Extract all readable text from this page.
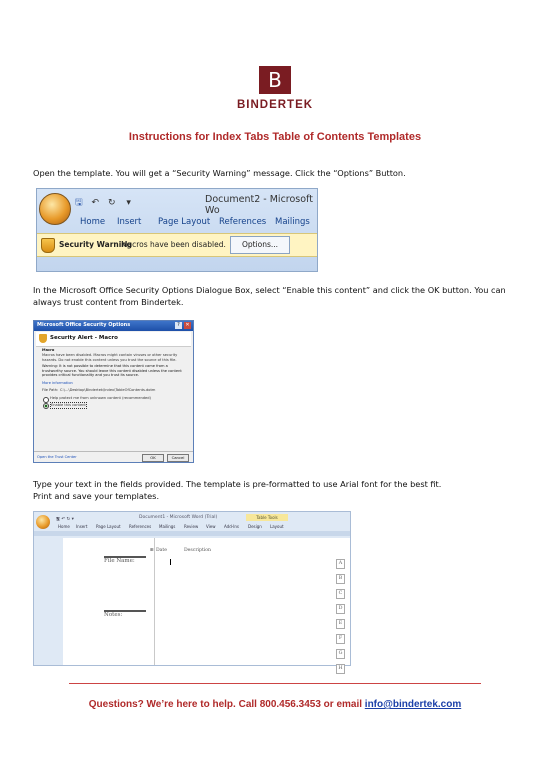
B
BINDERTEK
Instructions for Index Tabs Table of Contents Templates
Open the template. You will get a “Security Warning” message. Click the “Options” Button.
🖫 ↶ ↻ ▾	Document2 - Microsoft Wo
Home Insert Page Layout References Mailings
Security Warning
Macros have been disabled.	Options...
In the Microsoft Office Security Options Dialogue Box, select “Enable this content” and click the OK button. You can
always trust content from Bindertek.
Microsoft Office Security Options	?	✕
Security Alert - Macro
Macro
Macros have been disabled. Macros might contain viruses or other security hazards. Do not enable this content unless you trust the source of this file.
Warning: It is not possible to determine that this content came from a trustworthy source. You should leave this content disabled unless the content provides critical functionality and you trust its source.
More information
File Path: C:\...\Desktop\Bindertek\Index\TableOfContents.dotm
Help protect me from unknown content (recommended)
Enable this content
Open the Trust Center	OK	Cancel
Type your text in the fields provided. The template is pre-formatted to use Arial font for the best fit.
Print and save your templates.
🖫 ↶ ↻ ▾	Document1 - Microsoft Word (Trial)	Table Tools
Home Insert Page Layout References Mailings Review View Add-Ins Design Layout
⊞ Date	Description
File Name:
Notes:
A
B
C
D
E
F
G
H
Questions? We’re here to help. Call 800.456.3453 or email info@bindertek.com
